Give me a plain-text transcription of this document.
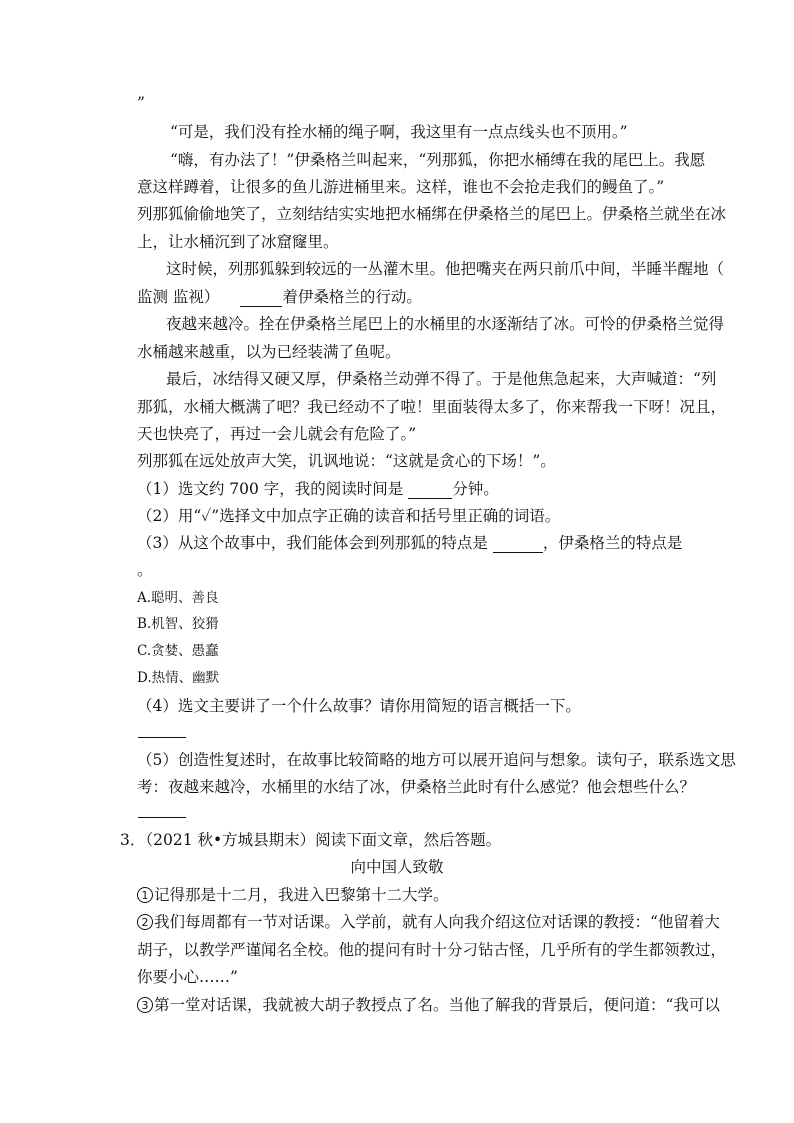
”
“可是，我们没有拴水桶的绳子啊，我这里有一点点线头也不顶用。”
“嗨，有办法了！”伊桑格兰叫起来，“列那狐，你把水桶缚在我的尾巴上。我愿
意这样蹲着，让很多的鱼儿游进桶里来。这样，谁也不会抢走我们的鳗鱼了。”
列那狐偷偷地笑了，立刻结结实实地把水桶绑在伊桑格兰的尾巴上。伊桑格兰就坐在冰
上，让水桶沉到了冰窟窿里。
这时候，列那狐躲到较远的一丛灌木里。他把嘴夹在两只前爪中间，半睡半醒地（
监测 监视）	着伊桑格兰的行动。
夜越来越冷。拴在伊桑格兰尾巴上的水桶里的水逐渐结了冰。可怜的伊桑格兰觉得
水桶越来越重，以为已经装满了鱼呢。
最后，冰结得又硬又厚，伊桑格兰动弹不得了。于是他焦急起来，大声喊道：“列
那狐，水桶大概满了吧？我已经动不了啦！里面装得太多了，你来帮我一下呀！况且，
天也快亮了，再过一会儿就会有危险了。”
列那狐在远处放声大笑，讥讽地说：“这就是贪心的下场！”。
（1）选文约 700 字，我的阅读时间是	分钟。
（2）用“✓”选择文中加点字正确的读音和括号里正确的词语。
（3）从这个故事中，我们能体会到列那狐的特点是	，伊桑格兰的特点是
。
A.聪明、善良
B.机智、狡猾
C.贪婪、愚蠢
D.热情、幽默
（4）选文主要讲了一个什么故事？请你用简短的语言概括一下。
（5）创造性复述时，在故事比较简略的地方可以展开追问与想象。读句子，联系选文思
考：夜越来越冷，水桶里的水结了冰，伊桑格兰此时有什么感觉？他会想些什么？
3．（2021 秋•方城县期末）阅读下面文章，然后答题。
向中国人致敬
1 记得那是十二月，我进入巴黎第十二大学。
2 我们每周都有一节对话课。入学前，就有人向我介绍这位对话课的教授：“他留着大
胡子，以教学严谨闻名全校。他的提问有时十分刁钻古怪，几乎所有的学生都领教过，
你要小心……”
3 第一堂对话课，我就被大胡子教授点了名。当他了解我的背景后，便问道：“我可以
